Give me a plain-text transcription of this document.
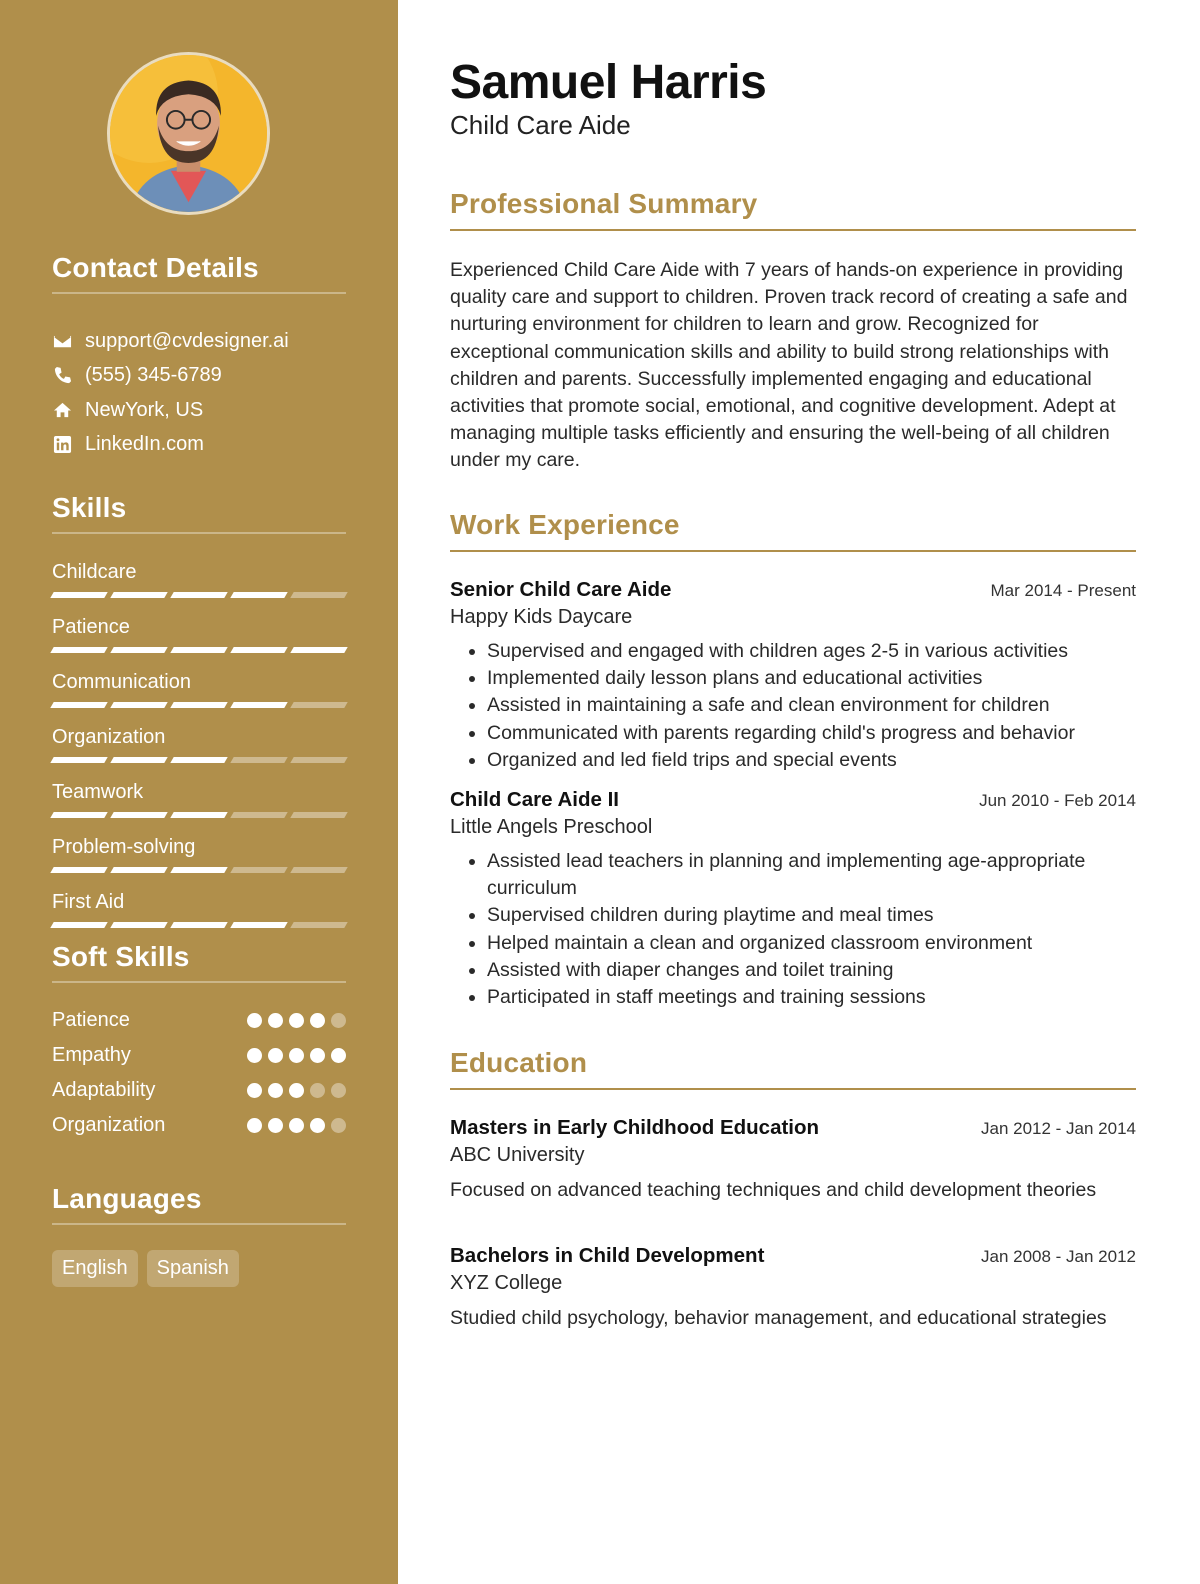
Contact Details
support@cvdesigner.ai
(555) 345-6789
NewYork, US
LinkedIn.com
Skills
Childcare
Patience
Communication
Organization
Teamwork
Problem-solving
First Aid
Soft Skills
Patience
Empathy
Adaptability
Organization
Languages
English	Spanish
Samuel Harris
Child Care Aide
Professional Summary

Experienced Child Care Aide with 7 years of hands-on experience in providing quality care and support to children. Proven track record of creating a safe and nurturing environment for children to learn and grow. Recognized for exceptional communication skills and ability to build strong relationships with children and parents. Successfully implemented engaging and educational activities that promote social, emotional, and cognitive development. Adept at managing multiple tasks efficiently and ensuring the well-being of all children under my care.

Work Experience
Senior Child Care Aide	Mar 2014 - Present
Happy Kids Daycare
• Supervised and engaged with children ages 2-5 in various activities
• Implemented daily lesson plans and educational activities
• Assisted in maintaining a safe and clean environment for children
• Communicated with parents regarding child's progress and behavior
• Organized and led field trips and special events
Child Care Aide II	Jun 2010 - Feb 2014
Little Angels Preschool
• Assisted lead teachers in planning and implementing age-appropriate curriculum
• Supervised children during playtime and meal times
• Helped maintain a clean and organized classroom environment
• Assisted with diaper changes and toilet training
• Participated in staff meetings and training sessions
Education
Masters in Early Childhood Education	Jan 2012 - Jan 2014
ABC University

Focused on advanced teaching techniques and child development theories

Bachelors in Child Development	Jan 2008 - Jan 2012
XYZ College

Studied child psychology, behavior management, and educational strategies
